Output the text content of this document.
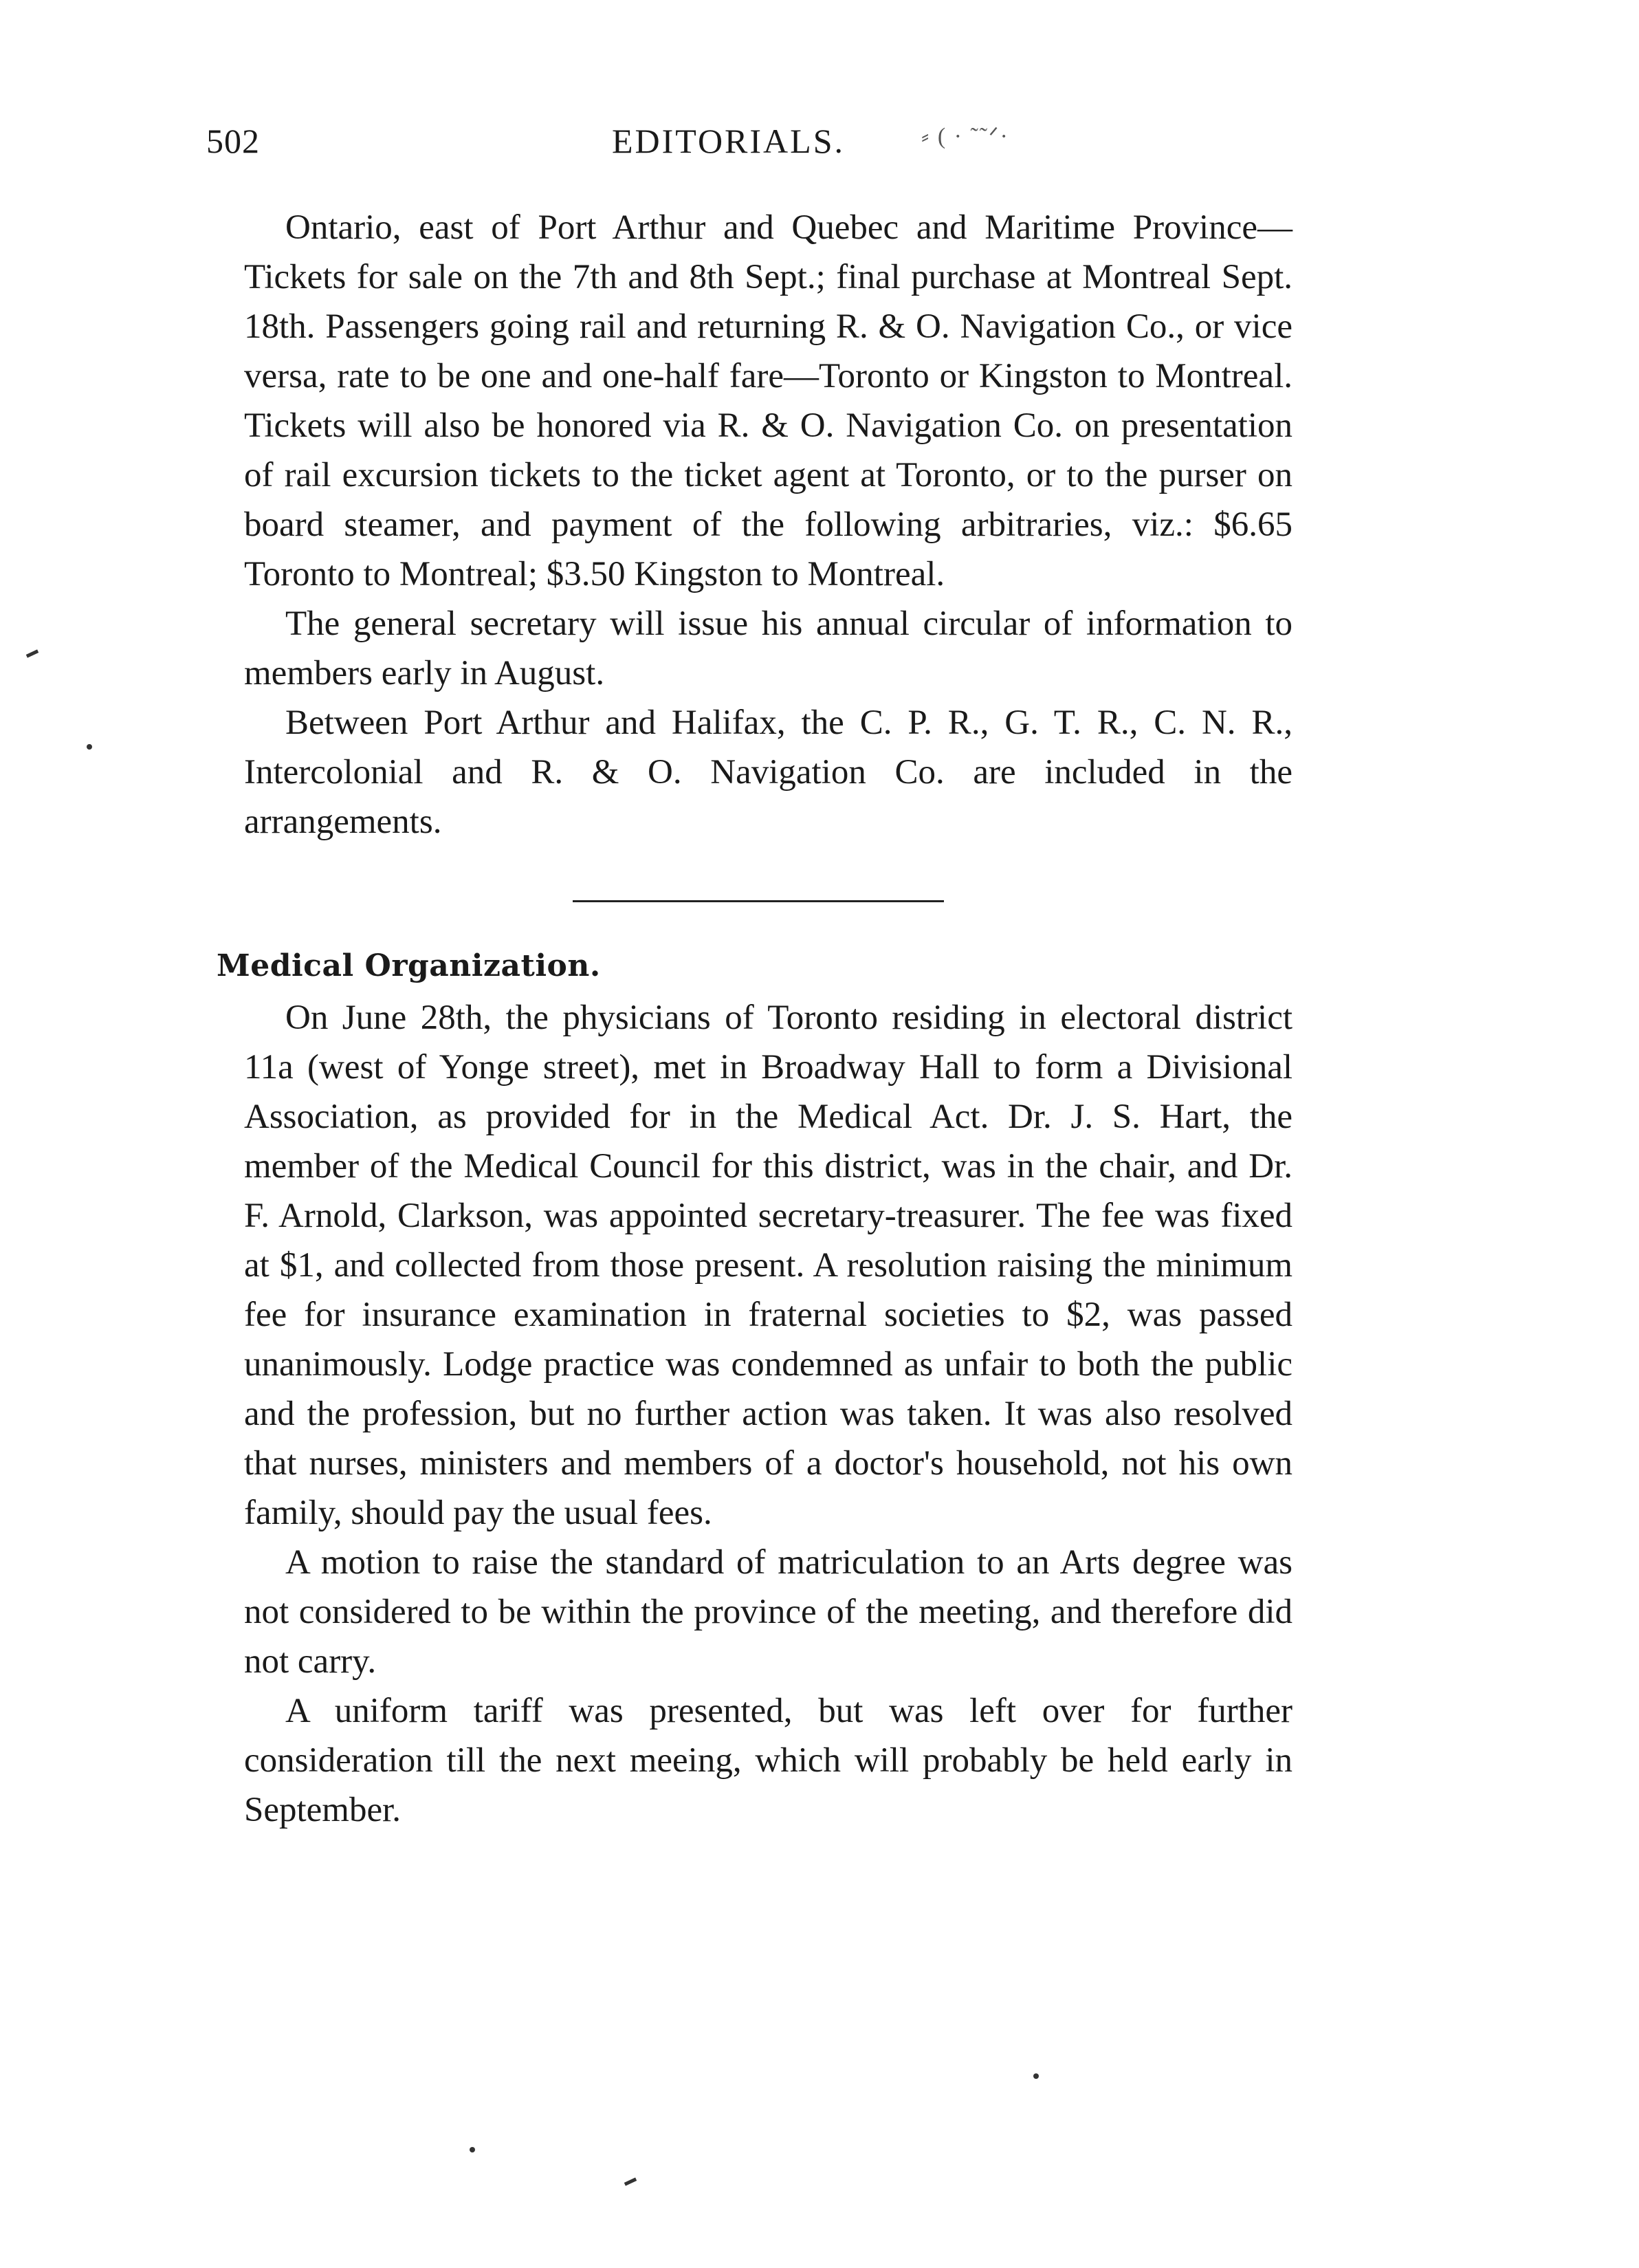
502	EDITORIALS.	⸗ ( · ˜˜ᐟ·

Ontario, east of Port Arthur and Quebec and Maritime Province—Tickets for sale on the 7th and 8th Sept.; final purchase at Montreal Sept. 18th. Passengers going rail and returning R. & O. Navigation Co., or vice versa, rate to be one and one-half fare—Toronto or Kingston to Montreal. Tickets will also be honored via R. & O. Navigation Co. on presentation of rail excursion tickets to the ticket agent at Toronto, or to the purser on board steamer, and payment of the following arbitraries, viz.: $6.65 Toronto to Montreal; $3.50 Kingston to Montreal.

The general secretary will issue his annual circular of information to members early in August.

Between Port Arthur and Halifax, the C. P. R., G. T. R., C. N. R., Intercolonial and R. & O. Navigation Co. are included in the arrangements.

Medical Organization.

On June 28th, the physicians of Toronto residing in electoral district 11a (west of Yonge street), met in Broadway Hall to form a Divisional Association, as provided for in the Medical Act. Dr. J. S. Hart, the member of the Medical Council for this district, was in the chair, and Dr. F. Arnold, Clarkson, was appointed secretary-treasurer. The fee was fixed at $1, and collected from those present. A resolution raising the minimum fee for insurance examination in fraternal societies to $2, was passed unanimously. Lodge practice was condemned as unfair to both the public and the profession, but no further action was taken. It was also resolved that nurses, ministers and members of a doctor's household, not his own family, should pay the usual fees.

A motion to raise the standard of matriculation to an Arts degree was not considered to be within the province of the meeting, and therefore did not carry.

A uniform tariff was presented, but was left over for further consideration till the next meeing, which will probably be held early in September.
